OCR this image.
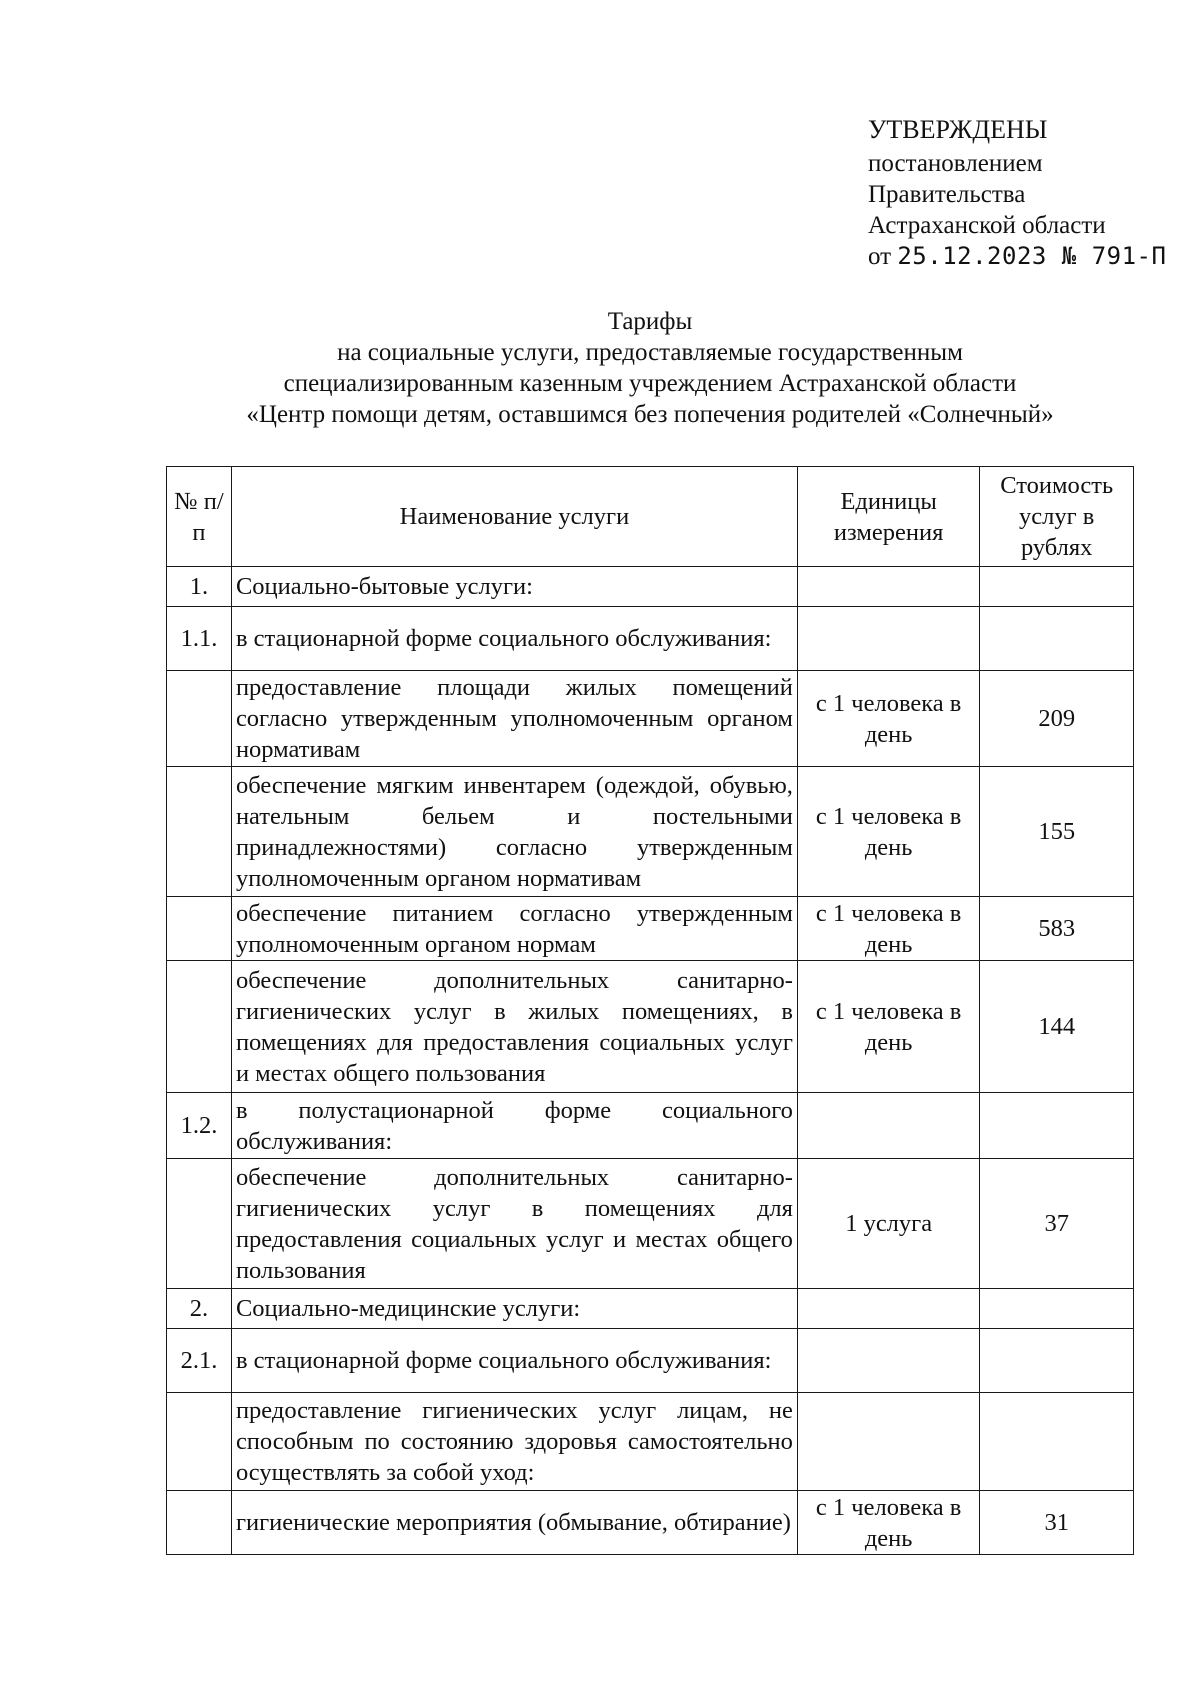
УТВЕРЖДЕНЫ
постановлением
Правительства
Астраханской области
от 25.12.2023 № 791-П
Тарифы
на социальные услуги, предоставляемые государственным
специализированным казенным учреждением Астраханской области
«Центр помощи детям, оставшимся без попечения родителей «Солнечный»
№ п/п	Наименование услуги	Единицы измерения	Стоимость услуг в рублях
1.	Социально-бытовые услуги:		
1.1.	в стационарной форме социального обслуживания:		
	предоставление площади жилых помещений согласно утвержденным уполномоченным органом нормативам	с 1 человека в день	209
	обеспечение мягким инвентарем (одеждой, обувью, нательным бельем и постельными принадлежностями) согласно утвержденным уполномоченным органом нормативам	с 1 человека в день	155
	обеспечение питанием согласно утвержденным уполномоченным органом нормам	с 1 человека в день	583
	обеспечение дополнительных санитарно-гигиенических услуг в жилых помещениях, в помещениях для предоставления социальных услуг и местах общего пользования	с 1 человека в день	144
1.2.	в полустационарной форме социального обслуживания:		
	обеспечение дополнительных санитарно-гигиенических услуг в помещениях для предоставления социальных услуг и местах общего пользования	1 услуга	37
2.	Социально-медицинские услуги:		
2.1.	в стационарной форме социального обслуживания:		
	предоставление гигиенических услуг лицам, не способным по состоянию здоровья самостоятельно осуществлять за собой уход:		
	гигиенические мероприятия (обмывание, обтирание)	с 1 человека в день	31
